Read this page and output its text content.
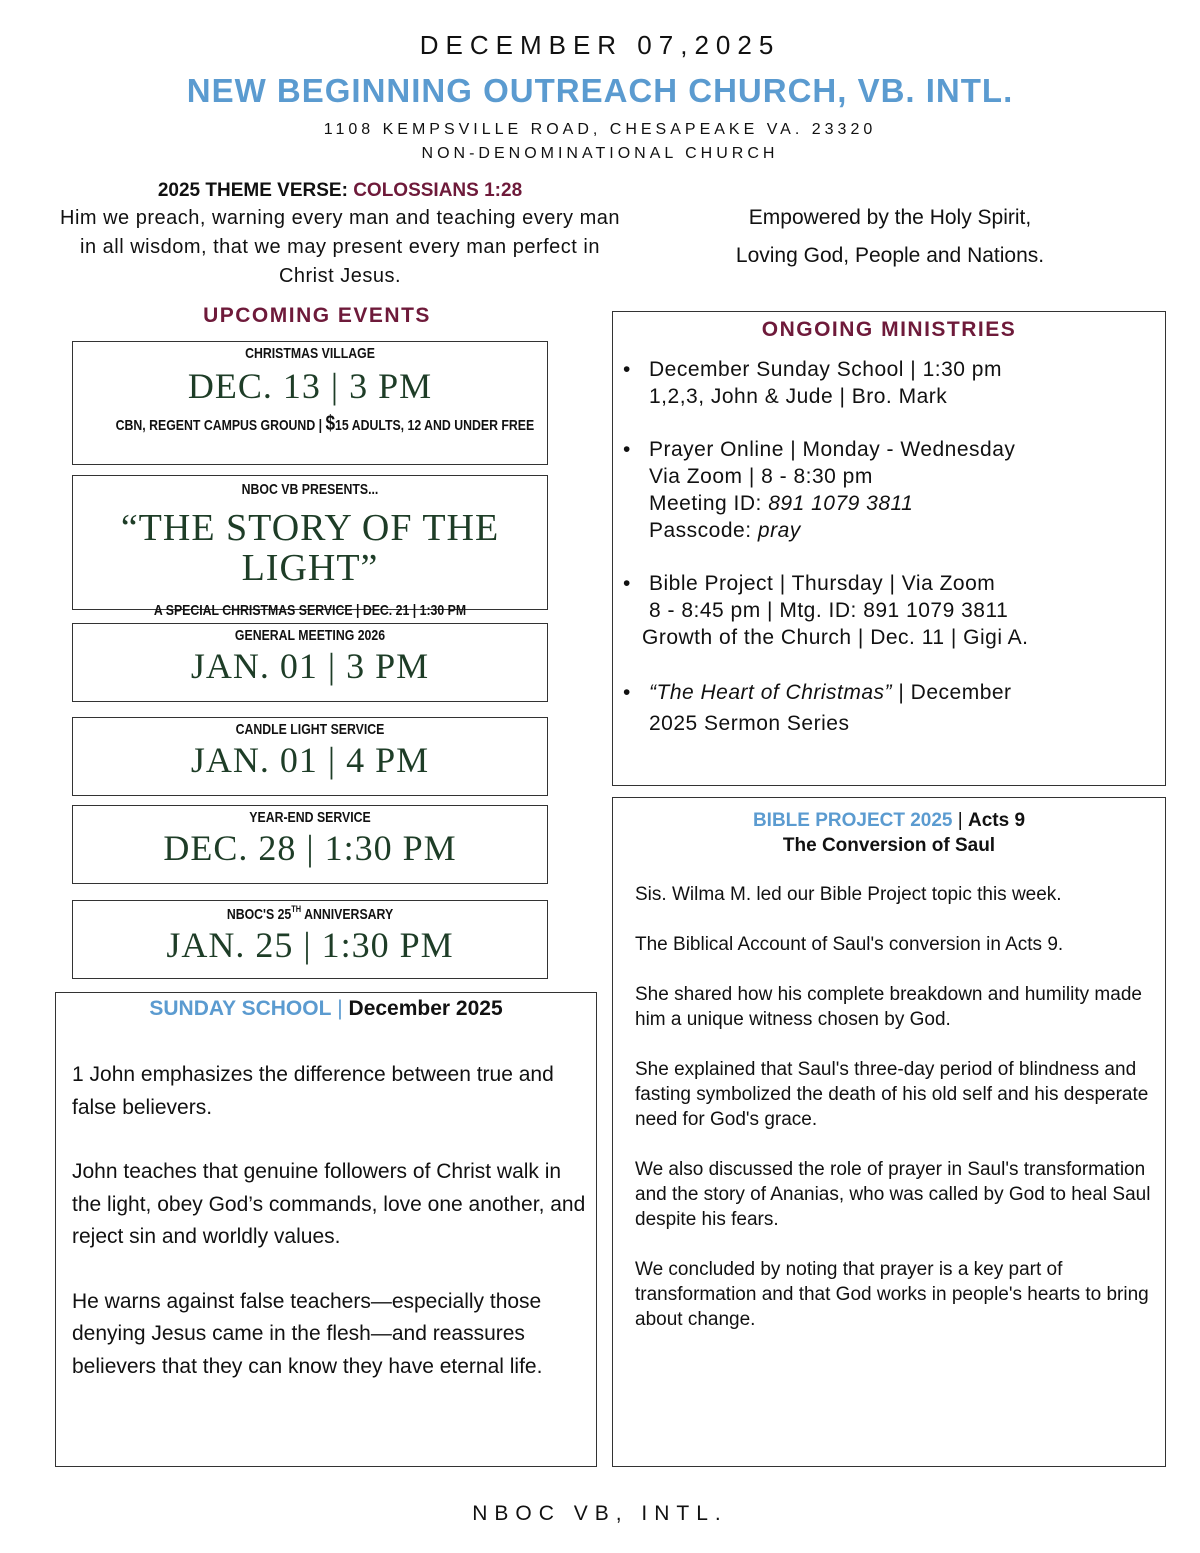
DECEMBER 07,2025
NEW BEGINNING OUTREACH CHURCH, VB. INTL.
1108 KEMPSVILLE ROAD, CHESAPEAKE VA. 23320
NON-DENOMINATIONAL CHURCH
2025 THEME VERSE: COLOSSIANS 1:28
Him we preach, warning every man and teaching every man in all wisdom, that we may present every man perfect in Christ Jesus.
Empowered by the Holy Spirit,
Loving God, People and Nations.
UPCOMING EVENTS
CHRISTMAS VILLAGE
DEC. 13 | 3 PM
CBN, REGENT CAMPUS GROUND | $15 ADULTS, 12 AND UNDER FREE
NBOC VB PRESENTS...
“THE STORY OF THE LIGHT”
A SPECIAL CHRISTMAS SERVICE | DEC. 21 | 1:30 PM
GENERAL MEETING 2026
JAN. 01 | 3 PM
CANDLE LIGHT SERVICE
JAN. 01 | 4 PM
YEAR-END SERVICE
DEC. 28 | 1:30 PM
NBOC'S 25TH ANNIVERSARY
JAN. 25 | 1:30 PM
ONGOING MINISTRIES
• December Sunday School | 1:30 pm
1,2,3, John & Jude | Bro. Mark
• Prayer Online | Monday - Wednesday
Via Zoom | 8 - 8:30 pm
Meeting ID: 891 1079 3811
Passcode: pray
• Bible Project | Thursday | Via Zoom
8 - 8:45 pm | Mtg. ID: 891 1079 3811
Growth of the Church | Dec. 11 | Gigi A.
• “The Heart of Christmas” | December
2025 Sermon Series
BIBLE PROJECT 2025 | Acts 9
The Conversion of Saul

Sis. Wilma M. led our Bible Project topic this week.

The Biblical Account of Saul's conversion in Acts 9.

She shared how his complete breakdown and humility made him a unique witness chosen by God.

She explained that Saul's three-day period of blindness and fasting symbolized the death of his old self and his desperate need for God's grace.

We also discussed the role of prayer in Saul's transformation and the story of Ananias, who was called by God to heal Saul despite his fears.

We concluded by noting that prayer is a key part of transformation and that God works in people's hearts to bring about change.

SUNDAY SCHOOL | December 2025

1 John emphasizes the difference between true and false believers.

John teaches that genuine followers of Christ walk in the light, obey God’s commands, love one another, and reject sin and worldly values.

He warns against false teachers—especially those denying Jesus came in the flesh—and reassures believers that they can know they have eternal life.

NBOC VB, INTL.
